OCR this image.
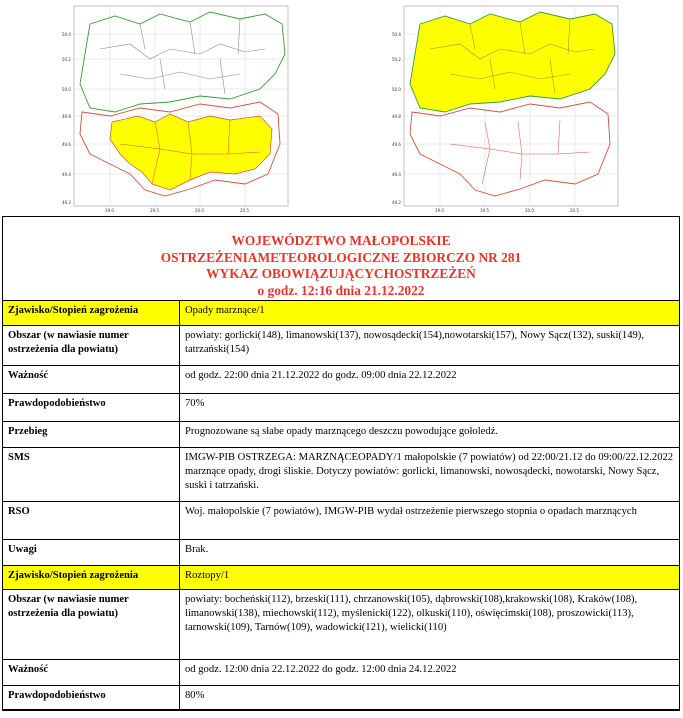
50.4
50.2
50.0
49.8
49.6
49.4
49.2
19.0	19.5	20.0	20.5
50.4
50.2
50.0
49.8
49.6
49.4
49.2
19.0	19.5	20.0	20.5
WOJEWÓDZTWO MAŁOPOLSKIE
OSTRZEŻENIAMETEOROLOGICZNE ZBIORCZO NR 281
WYKAZ OBOWIĄZUJĄCYCHOSTRZEŻEŃ
o godz. 12:16 dnia 21.12.2022
Zjawisko/Stopień zagrożenia	Opady marznące/1
Obszar (w nawiasie numer ostrzeżenia dla powiatu)	powiaty: gorlicki(148), limanowski(137), nowosądecki(154),nowotarski(157), Nowy Sącz(132), suski(149), tatrzański(154)
Ważność	od godz. 22:00 dnia 21.12.2022 do godz. 09:00 dnia 22.12.2022
Prawdopodobieństwo	70%
Przebieg	Prognozowane są słabe opady marznącego deszczu powodujące gołoledź.
SMS	IMGW-PIB OSTRZEGA: MARZNĄCEOPADY/1 małopolskie (7 powiatów) od 22:00/21.12 do 09:00/22.12.2022 marznące opady, drogi śliskie. Dotyczy powiatów: gorlicki, limanowski, nowosądecki, nowotarski, Nowy Sącz, suski i tatrzański.
RSO	Woj. małopolskie (7 powiatów), IMGW-PIB wydał ostrzeżenie pierwszego stopnia o opadach marznących
Uwagi	Brak.
Zjawisko/Stopień zagrożenia	Roztopy/1
Obszar (w nawiasie numer ostrzeżenia dla powiatu)	powiaty: bocheński(112), brzeski(111), chrzanowski(105), dąbrowski(108),krakowski(108), Kraków(108), limanowski(138), miechowski(112), myślenicki(122), olkuski(110), oświęcimski(108), proszowicki(113), tarnowski(109), Tarnów(109), wadowicki(121), wielicki(110)
Ważność	od godz. 12:00 dnia 22.12.2022 do godz. 12:00 dnia 24.12.2022
Prawdopodobieństwo	80%
